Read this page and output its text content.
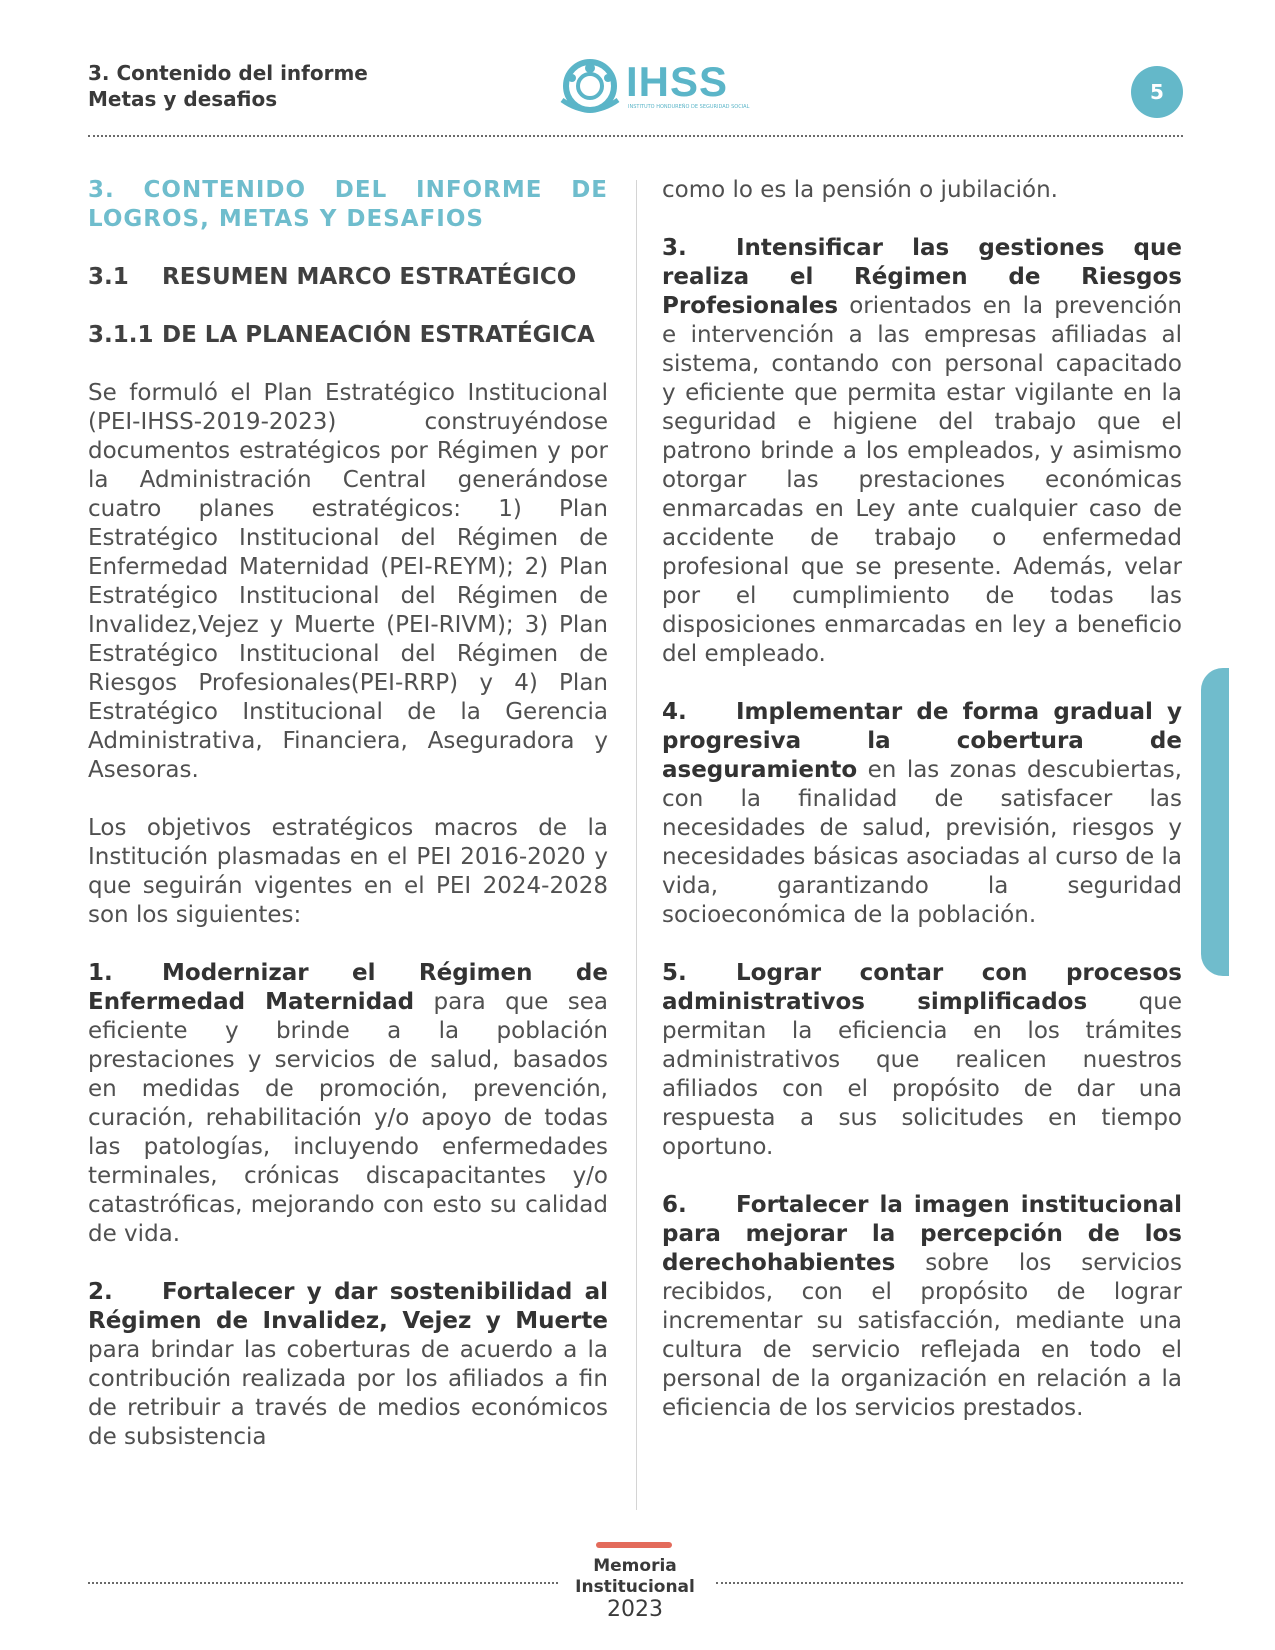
3. Contenido del informe
Metas y desafios	IHSS
INSTITUTO HONDUREÑO DE SEGURIDAD SOCIAL
5

3. CONTENIDO DEL INFORME DE LOGROS, METAS Y DESAFIOS

3.1 RESUMEN MARCO ESTRATÉGICO

3.1.1 DE LA PLANEACIÓN ESTRATÉGICA

Se formuló el Plan Estratégico Institucional (PEI-IHSS-2019-2023) construyéndose documentos estratégicos por Régimen y por la Administración Central generándose cuatro planes estratégicos: 1) Plan Estratégico Institucional del Régimen de Enfermedad Maternidad (PEI-REYM); 2) Plan Estratégico Institucional del Régimen de Invalidez,Vejez y Muerte (PEI-RIVM); 3) Plan Estratégico Institucional del Régimen de Riesgos Profesionales(PEI-RRP) y 4) Plan Estratégico Institucional de la Gerencia Administrativa, Financiera, Aseguradora y Asesoras.

Los objetivos estratégicos macros de la Institución plasmadas en el PEI 2016-2020 y que seguirán vigentes en el PEI 2024-2028 son los siguientes:

1. Modernizar el Régimen de Enfermedad Maternidad para que sea eficiente y brinde a la población prestaciones y servicios de salud, basados en medidas de promoción, prevención, curación, rehabilitación y/o apoyo de todas las patologías, incluyendo enfermedades terminales, crónicas discapacitantes y/o catastróficas, mejorando con esto su calidad de vida.

2. Fortalecer y dar sostenibilidad al Régimen de Invalidez, Vejez y Muerte para brindar las coberturas de acuerdo a la contribución realizada por los afiliados a fin de retribuir a través de medios económicos de subsistencia

como lo es la pensión o jubilación.

3. Intensificar las gestiones que realiza el Régimen de Riesgos Profesionales orientados en la prevención e intervención a las empresas afiliadas al sistema, contando con personal capacitado y eficiente que permita estar vigilante en la seguridad e higiene del trabajo que el patrono brinde a los empleados, y asimismo otorgar las prestaciones económicas enmarcadas en Ley ante cualquier caso de accidente de trabajo o enfermedad profesional que se presente. Además, velar por el cumplimiento de todas las disposiciones enmarcadas en ley a beneficio del empleado.

4. Implementar de forma gradual y progresiva la cobertura de aseguramiento en las zonas descubiertas, con la finalidad de satisfacer las necesidades de salud, previsión, riesgos y necesidades básicas asociadas al curso de la vida, garantizando la seguridad socioeconómica de la población.

5. Lograr contar con procesos administrativos simplificados que permitan la eficiencia en los trámites administrativos que realicen nuestros afiliados con el propósito de dar una respuesta a sus solicitudes en tiempo oportuno.

6. Fortalecer la imagen institucional para mejorar la percepción de los derechohabientes sobre los servicios recibidos, con el propósito de lograr incrementar su satisfacción, mediante una cultura de servicio reflejada en todo el personal de la organización en relación a la eficiencia de los servicios prestados.

Memoria
Institucional
2023
